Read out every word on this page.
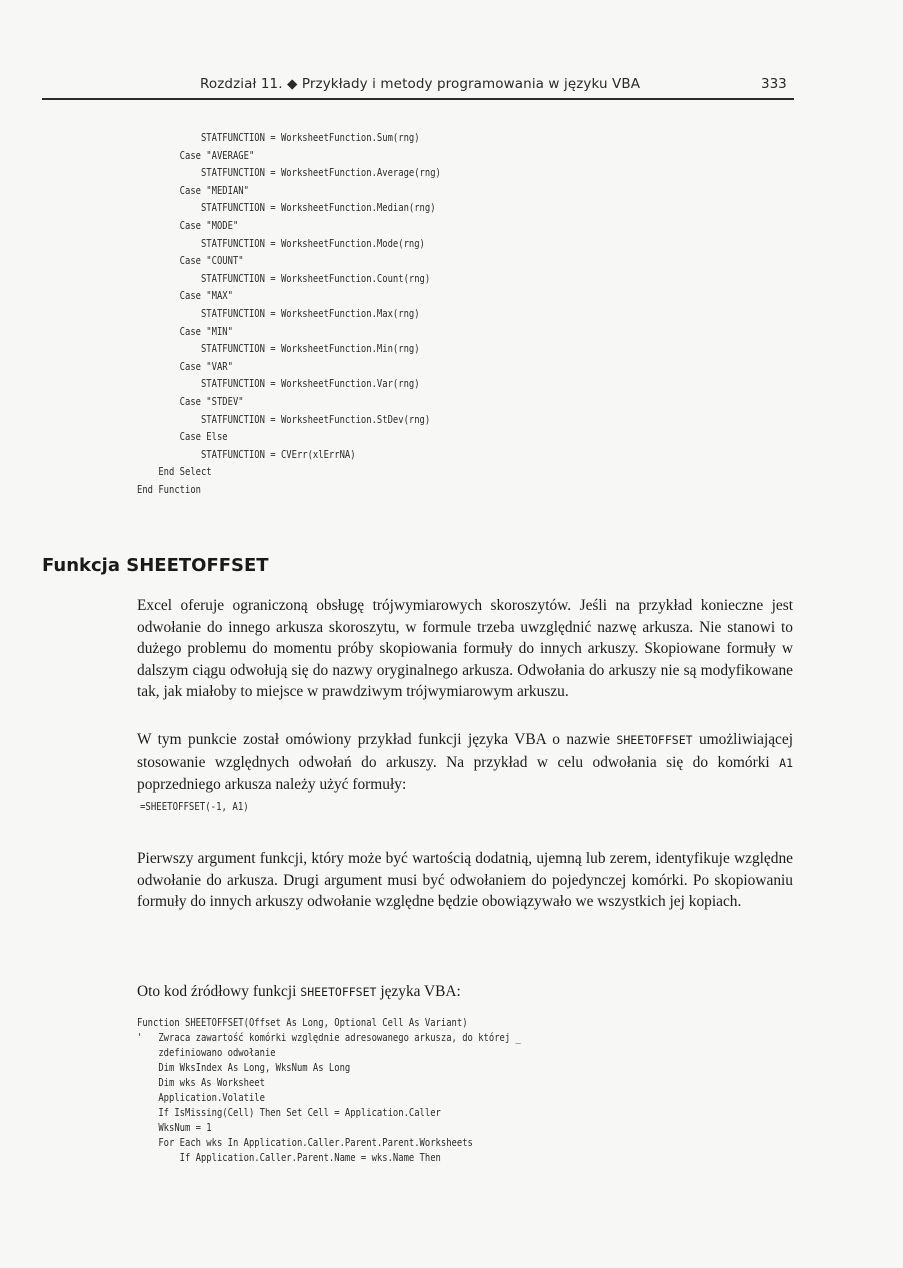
Rozdział 11. ◆ Przykłady i metody programowania w języku VBA	333
STATFUNCTION = WorksheetFunction.Sum(rng)
Case "AVERAGE"
STATFUNCTION = WorksheetFunction.Average(rng)
Case "MEDIAN"
STATFUNCTION = WorksheetFunction.Median(rng)
Case "MODE"
STATFUNCTION = WorksheetFunction.Mode(rng)
Case "COUNT"
STATFUNCTION = WorksheetFunction.Count(rng)
Case "MAX"
STATFUNCTION = WorksheetFunction.Max(rng)
Case "MIN"
STATFUNCTION = WorksheetFunction.Min(rng)
Case "VAR"
STATFUNCTION = WorksheetFunction.Var(rng)
Case "STDEV"
STATFUNCTION = WorksheetFunction.StDev(rng)
Case Else
STATFUNCTION = CVErr(xlErrNA)
End Select
End Function
Funkcja SHEETOFFSET

Excel oferuje ograniczoną obsługę trójwymiarowych skoroszytów. Jeśli na przykład konieczne jest odwołanie do innego arkusza skoroszytu, w formule trzeba uwzględnić nazwę arkusza. Nie stanowi to dużego problemu do momentu próby skopiowania formuły do innych arkuszy. Skopiowane formuły w dalszym ciągu odwołują się do nazwy oryginalnego arkusza. Odwołania do arkuszy nie są modyfikowane tak, jak miałoby to miejsce w prawdziwym trójwymiarowym arkuszu.

W tym punkcie został omówiony przykład funkcji języka VBA o nazwie SHEETOFFSET umożliwiającej stosowanie względnych odwołań do arkuszy. Na przykład w celu odwołania się do komórki A1 poprzedniego arkusza należy użyć formuły:

=SHEETOFFSET(-1, A1)

Pierwszy argument funkcji, który może być wartością dodatnią, ujemną lub zerem, identyfikuje względne odwołanie do arkusza. Drugi argument musi być odwołaniem do pojedynczej komórki. Po skopiowaniu formuły do innych arkuszy odwołanie względne będzie obowiązywało we wszystkich jej kopiach.

Oto kod źródłowy funkcji SHEETOFFSET języka VBA:

Function SHEETOFFSET(Offset As Long, Optional Cell As Variant)
'   Zwraca zawartość komórki względnie adresowanego arkusza, do której _
zdefiniowano odwołanie
Dim WksIndex As Long, WksNum As Long
Dim wks As Worksheet
Application.Volatile
If IsMissing(Cell) Then Set Cell = Application.Caller
WksNum = 1
For Each wks In Application.Caller.Parent.Parent.Worksheets
If Application.Caller.Parent.Name = wks.Name Then
